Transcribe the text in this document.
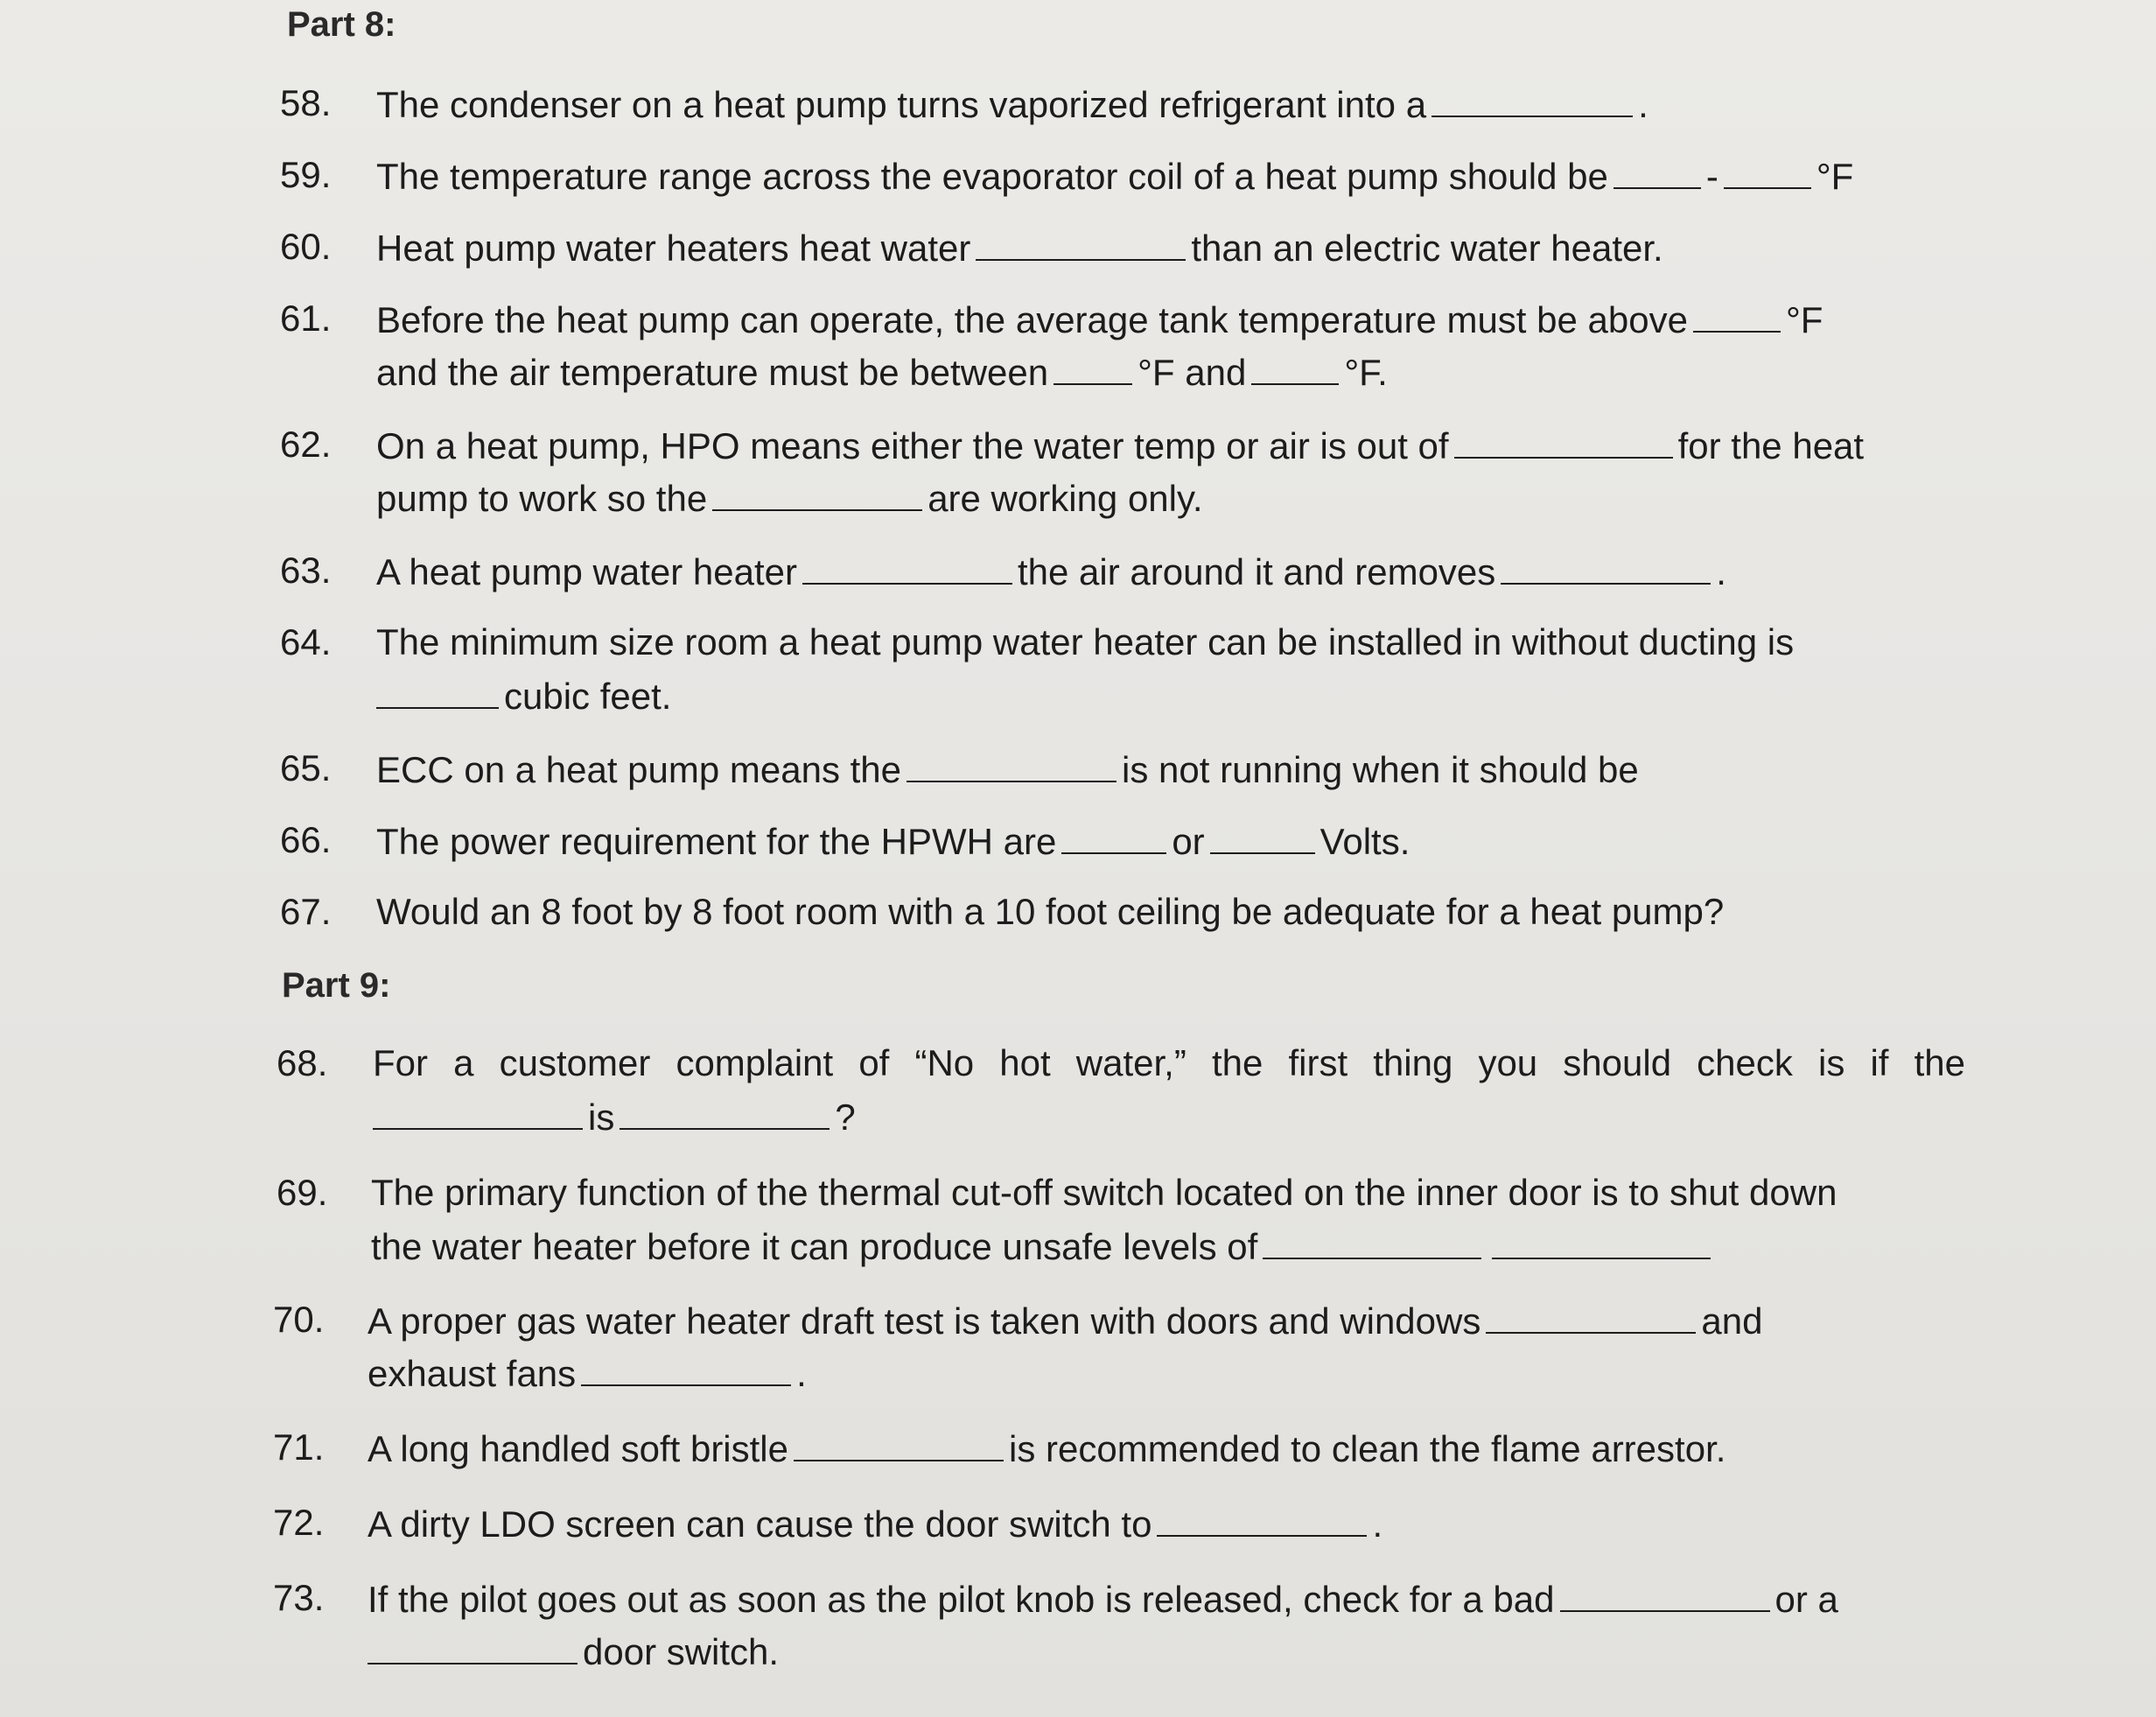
Part 8:
58. The condenser on a heat pump turns vaporized refrigerant into a	.
59. The temperature range across the evaporator coil of a heat pump should be	-	°F
60. Heat pump water heaters heat water	than an electric water heater.
61. Before the heat pump can operate, the average tank temperature must be above	°F
and the air temperature must be between °F and	°F.
62. On a heat pump, HPO means either the water temp or air is out of	for the heat
pump to work so the	are working only.
63. A heat pump water heater	the air around it and removes	.
64. The minimum size room a heat pump water heater can be installed in without ducting is
cubic feet.
65. ECC on a heat pump means the	is not running when it should be
66. The power requirement for the HPWH are	or	Volts.
67. Would an 8 foot by 8 foot room with a 10 foot ceiling be adequate for a heat pump?
Part 9:
68. For a customer complaint of “No hot water,” the first thing you should check is if the
is	?
69. The primary function of the thermal cut-off switch located on the inner door is to shut down
the water heater before it can produce unsafe levels of
70. A proper gas water heater draft test is taken with doors and windows	and
exhaust fans	.
71. A long handled soft bristle	is recommended to clean the flame arrestor.
72. A dirty LDO screen can cause the door switch to	.
73. If the pilot goes out as soon as the pilot knob is released, check for a bad	or a
door switch.
